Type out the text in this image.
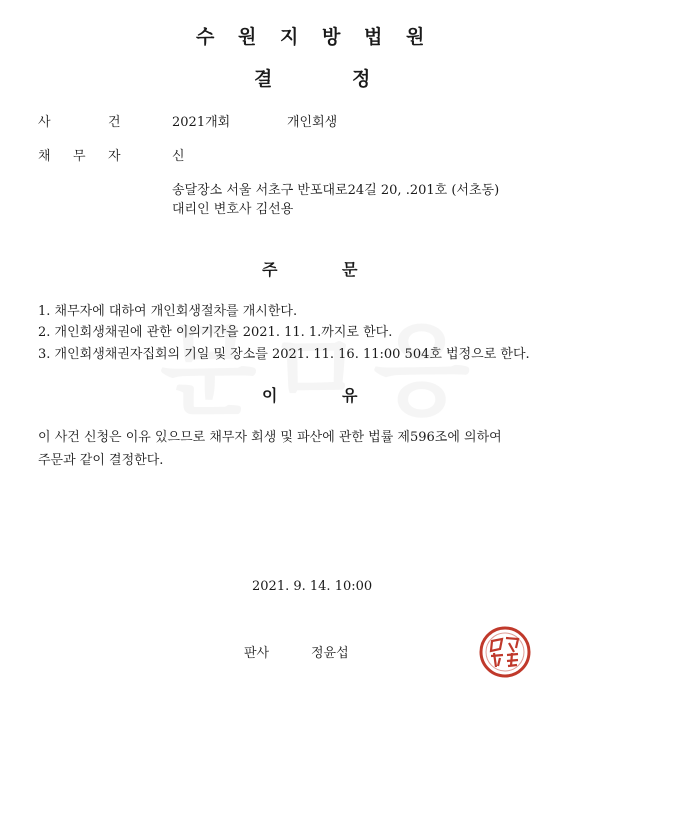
수 원 지 방 법 원
결	정
사	건	2021개회	개인회생
채 무 자	신
송달장소 서울 서초구 반포대로24길 20, .201호 (서초동)
대리인 변호사 김선용
주	문
1. 채무자에 대하여 개인회생절차를 개시한다.
2. 개인회생채권에 관한 이의기간을 2021. 11. 1.까지로 한다.
3. 개인회생채권자집회의 기일 및 장소를 2021. 11. 16. 11:00 504호 법정으로 한다.
이	유
이 사건 신청은 이유 있으므로 채무자 회생 및 파산에 관한 법률 제596조에 의하여
주문과 같이 결정한다.
2021. 9. 14. 10:00
판사	정윤섭
